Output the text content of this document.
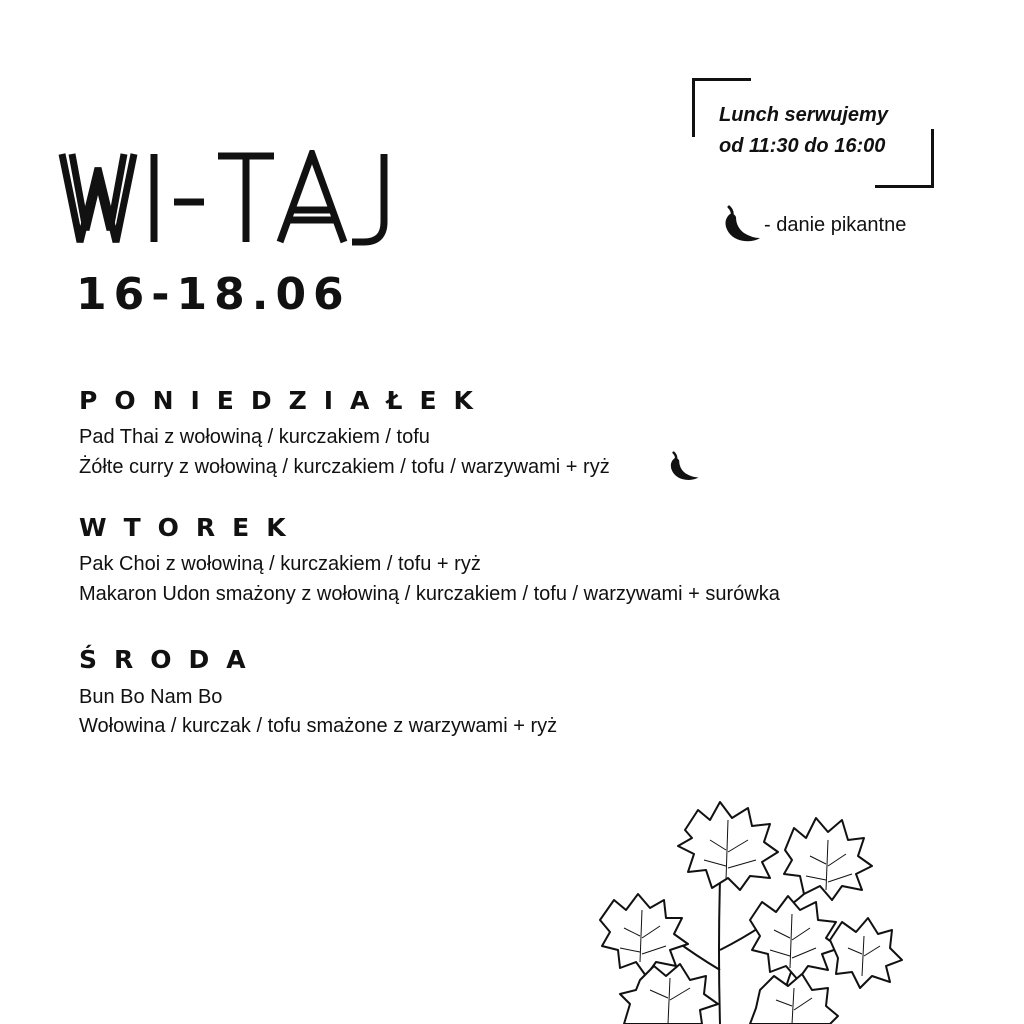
16-18.06
Lunch serwujemy
od 11:30 do 16:00
- danie pikantne
PONIEDZIAŁEK
Pad Thai z wołowiną / kurczakiem / tofu
Żółte curry z wołowiną / kurczakiem / tofu / warzywami + ryż
WTOREK
Pak Choi z wołowiną / kurczakiem / tofu + ryż
Makaron Udon smażony z wołowiną / kurczakiem / tofu / warzywami + surówka
ŚRODA
Bun Bo Nam Bo
Wołowina / kurczak / tofu smażone z warzywami + ryż
